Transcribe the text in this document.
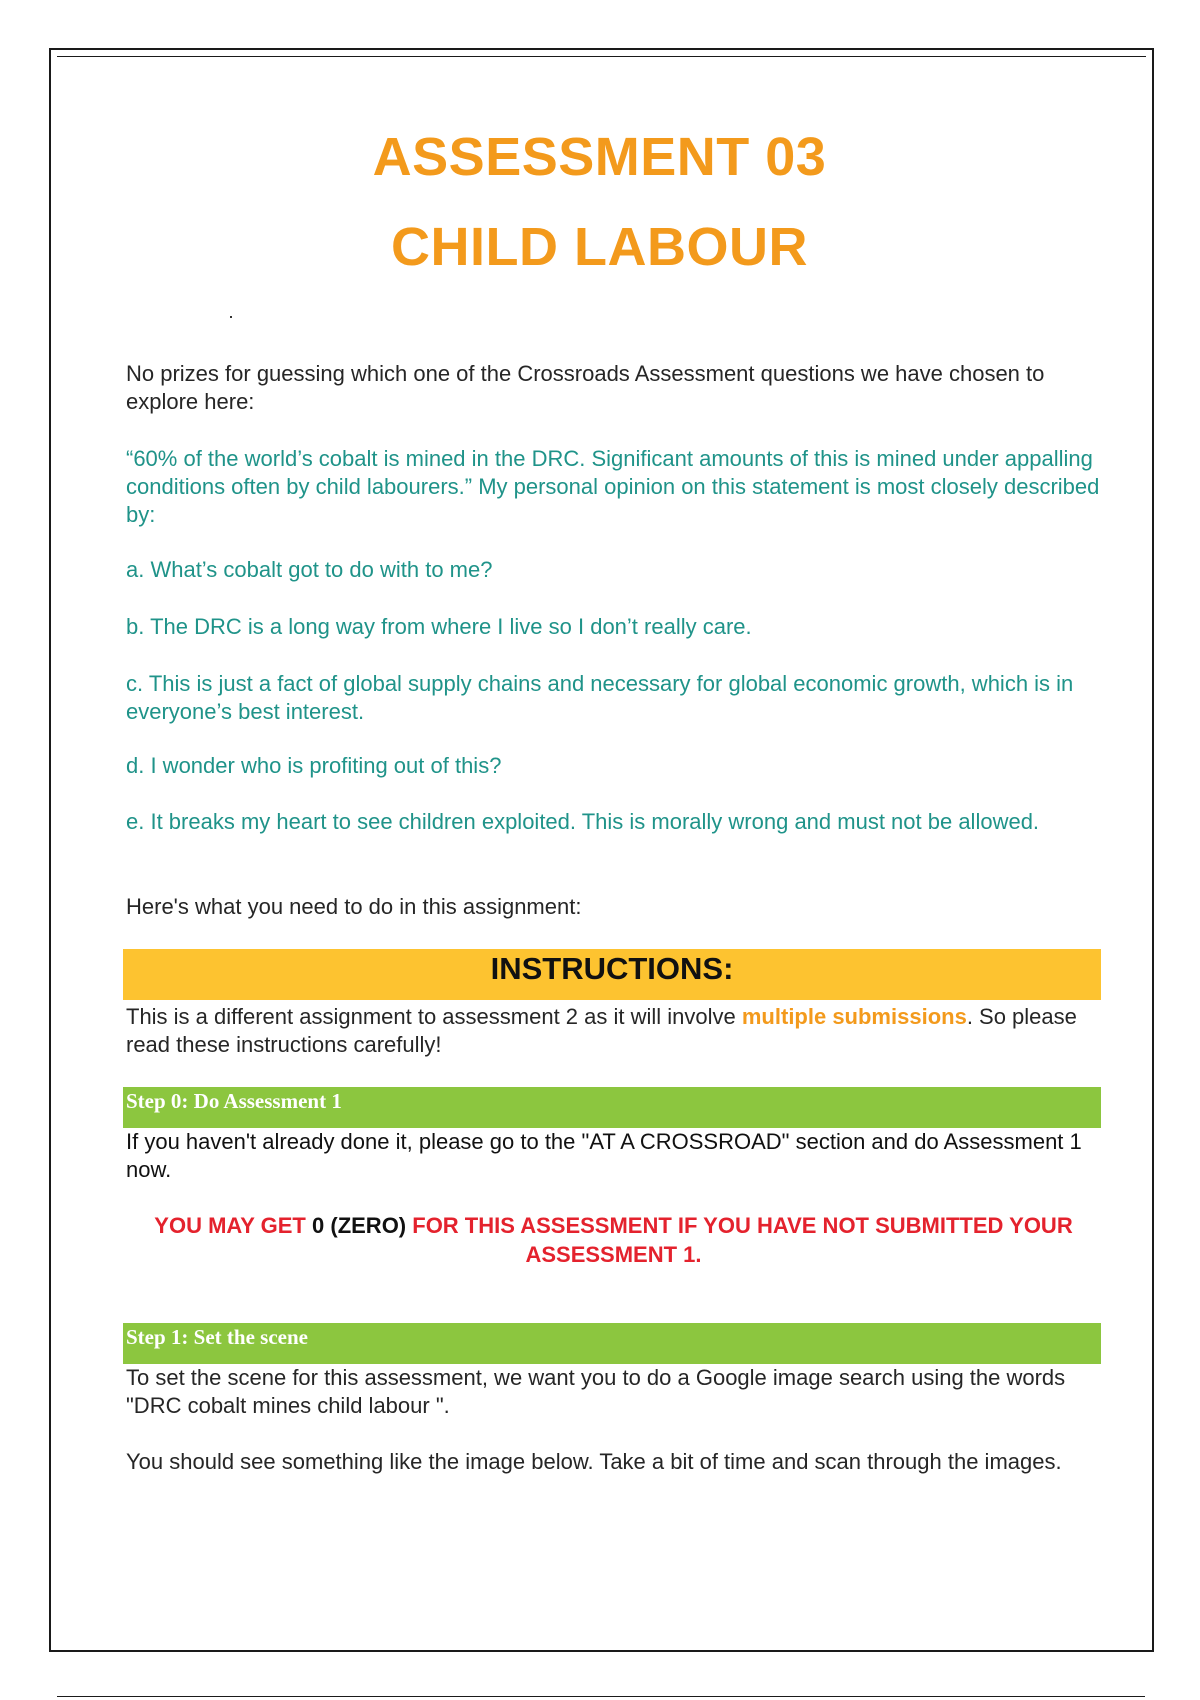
ASSESSMENT 03
CHILD LABOUR

No prizes for guessing which one of the Crossroads Assessment questions we have chosen to explore here:

“60% of the world’s cobalt is mined in the DRC. Significant amounts of this is mined under appalling conditions often by child labourers.” My personal opinion on this statement is most closely described by:

a. What’s cobalt got to do with to me?

b. The DRC is a long way from where I live so I don’t really care.

c. This is just a fact of global supply chains and necessary for global economic growth, which is in everyone’s best interest.

d. I wonder who is profiting out of this?

e. It breaks my heart to see children exploited. This is morally wrong and must not be allowed.

Here's what you need to do in this assignment:

INSTRUCTIONS:

This is a different assignment to assessment 2 as it will involve multiple submissions. So please read these instructions carefully!

Step 0: Do Assessment 1

If you haven't already done it, please go to the "AT A CROSSROAD" section and do Assessment 1 now.

YOU MAY GET 0 (ZERO) FOR THIS ASSESSMENT IF YOU HAVE NOT SUBMITTED YOUR ASSESSMENT 1.

Step 1: Set the scene

To set the scene for this assessment, we want you to do a Google image search using the words "DRC cobalt mines child labour ".

You should see something like the image below. Take a bit of time and scan through the images.
